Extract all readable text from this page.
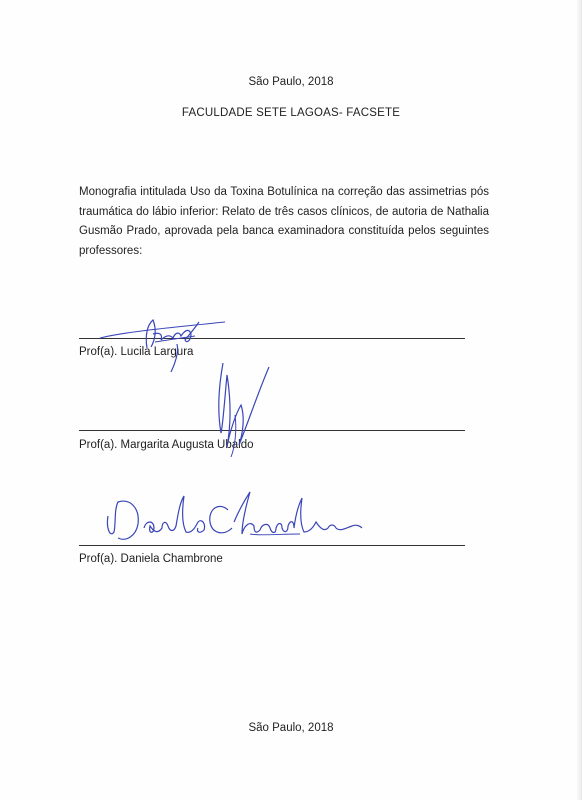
São Paulo, 2018
FACULDADE SETE LAGOAS- FACSETE
Monografia intitulada Uso da Toxina Botulínica na correção das assimetrias pós traumática do lábio inferior: Relato de três casos clínicos, de autoria de Nathalia Gusmão Prado, aprovada pela banca examinadora constituída pelos seguintes professores:
Prof(a). Lucila Largura
Prof(a). Margarita Augusta Ubaldo
Prof(a). Daniela Chambrone
São Paulo, 2018
